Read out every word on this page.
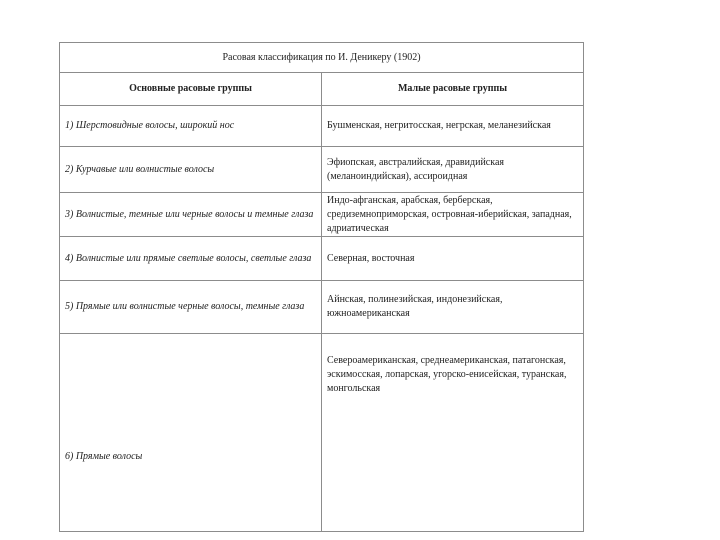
Расовая классификация по И. Деникеру (1902)	
Основные расовые группы	Малые расовые группы
1) Шерстовидные волосы, широкий нос	Бушменская, негритосская, негрская, меланезийская
2) Курчавые или волнистые волосы	Эфиопская, австралийская, дравидийская (меланоиндийская), ассироидная
3) Волнистые, темные или черные волосы и темные глаза	Индо-афганская, арабская, берберская, средиземноприморская, островная-иберийская, западная, адриатическая
4) Волнистые или прямые светлые волосы, светлые глаза	Северная, восточная
5) Прямые или волнистые черные волосы, темные глаза	Айнская, полинезийская, индонезийская, южноамериканская
6) Прямые волосы	Североамериканская, среднеамериканская, патагонская, эскимосская, лопарская, угорско-енисейская, туранская, монгольская
